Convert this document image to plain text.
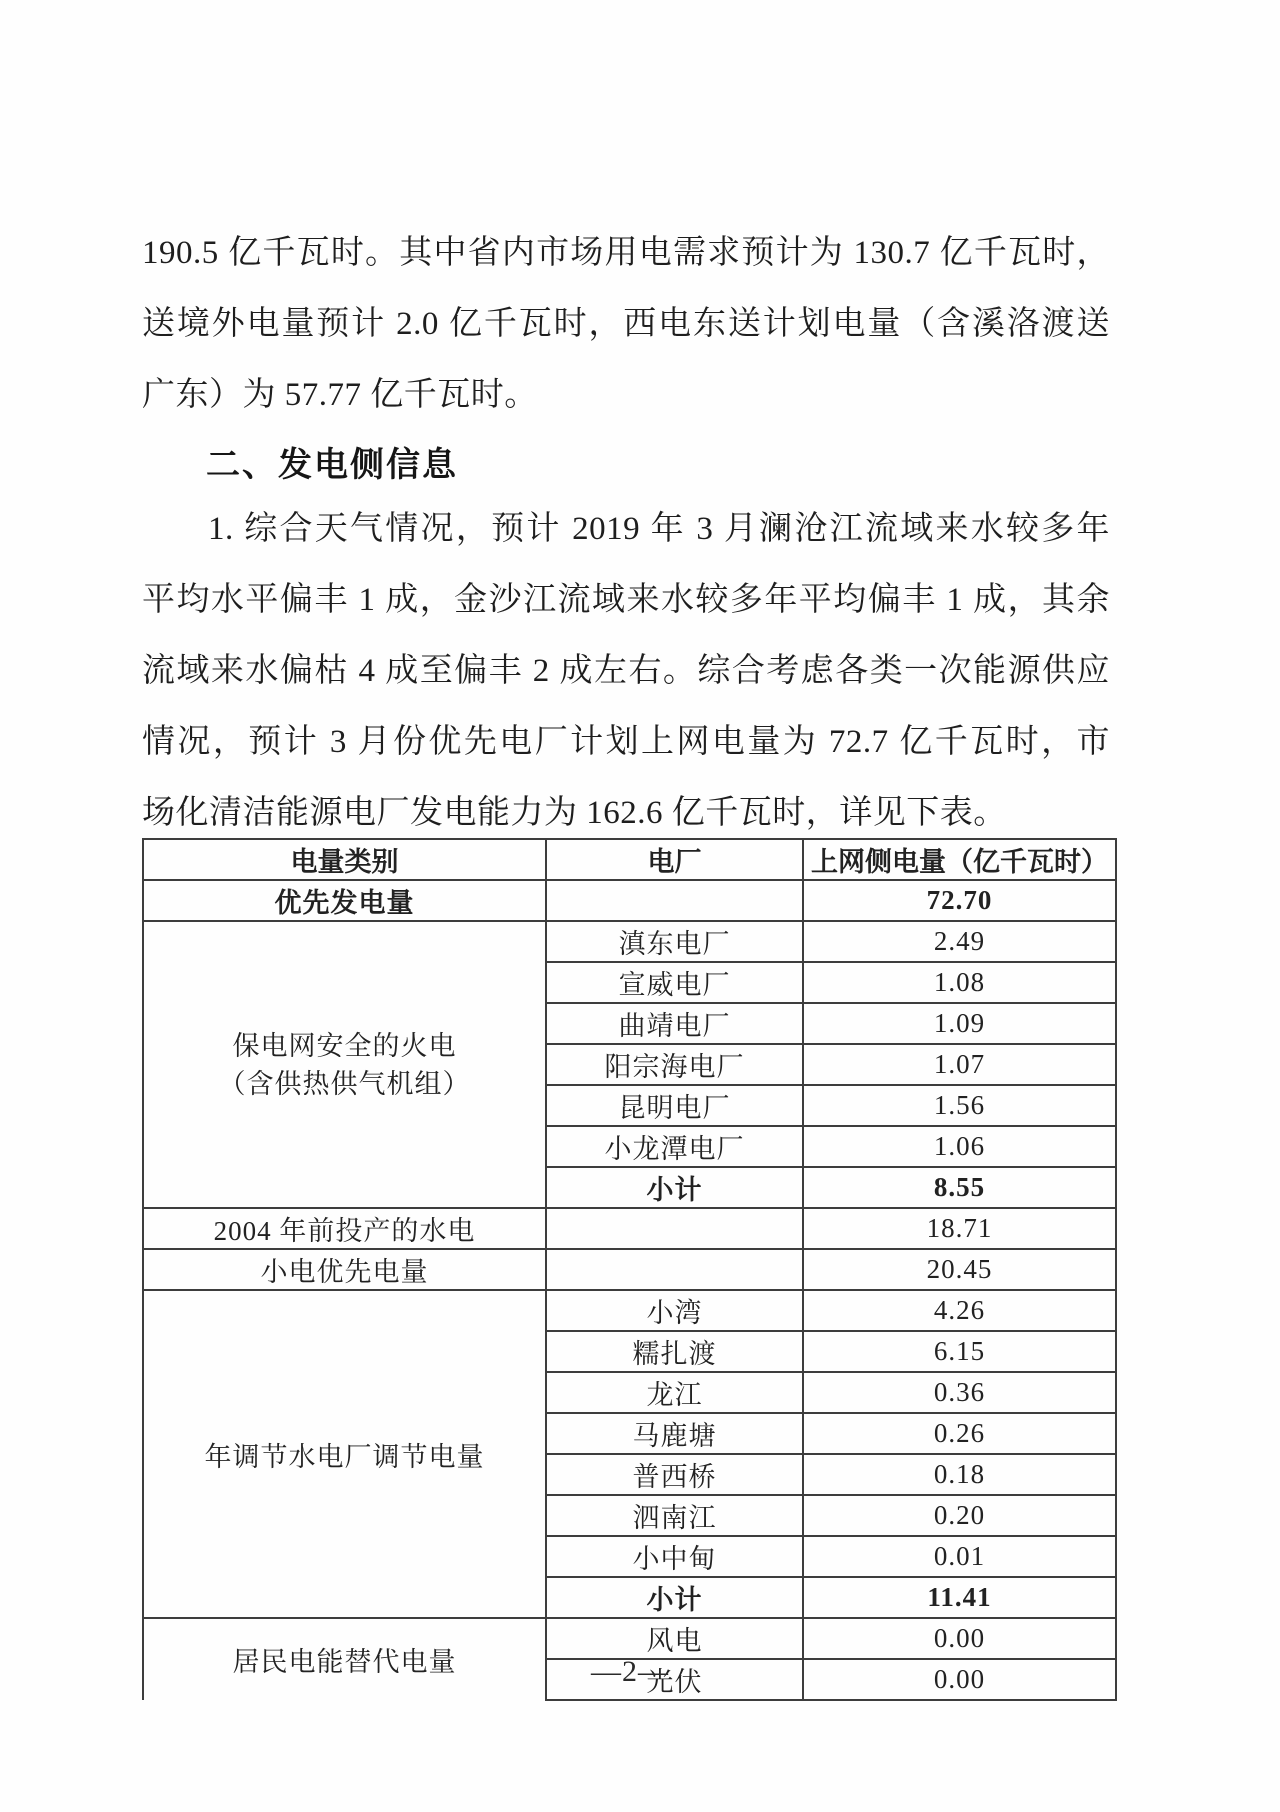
190.5 亿千瓦时。其中省内市场用电需求预计为 130.7 亿千瓦时，
送境外电量预计 2.0 亿千瓦时，西电东送计划电量（含溪洛渡送
广东）为 57.77 亿千瓦时。
二、发电侧信息
1. 综合天气情况，预计 2019 年 3 月澜沧江流域来水较多年
平均水平偏丰 1 成，金沙江流域来水较多年平均偏丰 1 成，其余
流域来水偏枯 4 成至偏丰 2 成左右。综合考虑各类一次能源供应
情况，预计 3 月份优先电厂计划上网电量为 72.7 亿千瓦时，市
场化清洁能源电厂发电能力为 162.6 亿千瓦时，详见下表。
电量类别	电厂	上网侧电量（亿千瓦时）
优先发电量		72.70

保电网安全的火电
（含供热供气机组）	滇东电厂	2.49
	宣威电厂	1.08
	曲靖电厂	1.09
	阳宗海电厂	1.07
	昆明电厂	1.56
	小龙潭电厂	1.06
	小计	8.55
2004 年前投产的水电		18.71
小电优先电量		20.45
年调节水电厂调节电量	小湾	4.26
	糯扎渡	6.15
	龙江	0.36
	马鹿塘	0.26
	普西桥	0.18
	泗南江	0.20
	小中甸	0.01
	小计	11.41
居民电能替代电量	风电	0.00
	光伏	0.00
—2—
